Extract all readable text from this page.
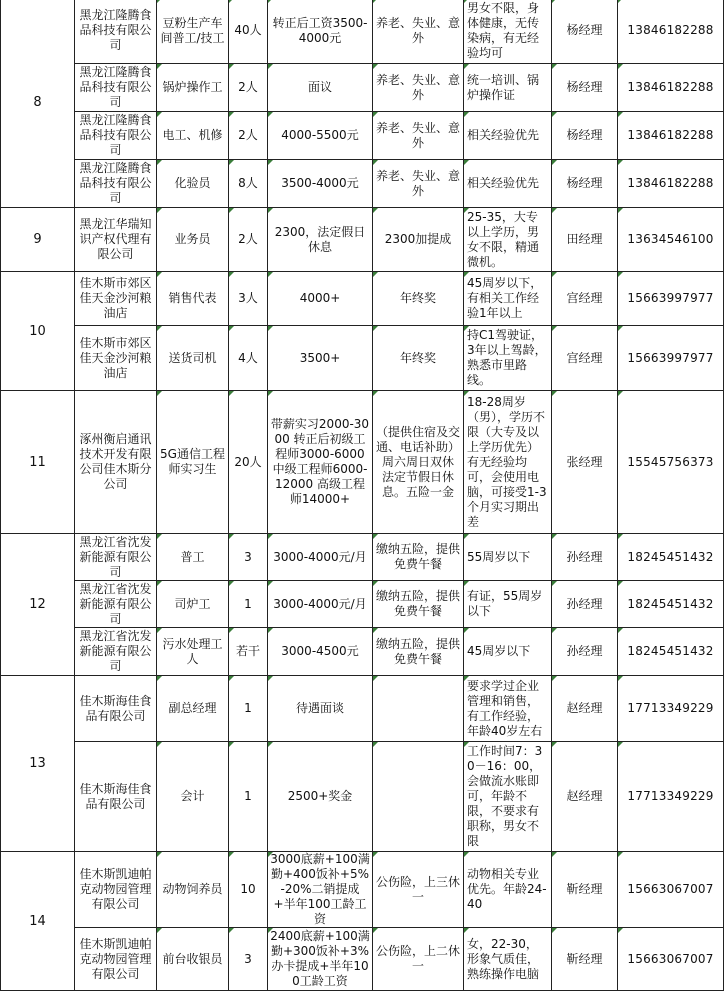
8	黑龙江隆腾食品科技有限公司	豆粉生产车间普工/技工	40人	转正后工资3500-4000元	养老、失业、意外	男女不限，身体健康，无传染病，有无经验均可	杨经理	13846182288
	黑龙江隆腾食品科技有限公司	锅炉操作工	2人	面议	养老、失业、意外	统一培训、锅炉操作证	杨经理	13846182288
	黑龙江隆腾食品科技有限公司	电工、机修	2人	4000-5500元	养老、失业、意外	相关经验优先	杨经理	13846182288
	黑龙江隆腾食品科技有限公司	化验员	8人	3500-4000元	养老、失业、意外	相关经验优先	杨经理	13846182288
9	黑龙江华瑞知识产权代理有限公司	业务员	2人	2300，法定假日休息	2300加提成	25-35，大专以上学历，男女不限，精通微机。	田经理	13634546100
10	佳木斯市郊区佳天金沙河粮油店	销售代表	3人	4000+	年终奖	45周岁以下，有相关工作经验1年以上	宫经理	15663997977
	佳木斯市郊区佳天金沙河粮油店	送货司机	4人	3500+	年终奖	持C1驾驶证，3年以上驾龄，熟悉市里路线。	宫经理	15663997977
11	涿州衡启通讯技术开发有限公司佳木斯分公司	5G通信工程师实习生	20人	带薪实习2000-3000 转正后初级工程师3000-6000 中级工程师6000-12000 高级工程师14000+	（提供住宿及交通、电话补助）周六周日双休 法定节假日休息。五险一金	18-28周岁（男），学历不限（大专及以上学历优先）有无经验均可，会使用电脑，可接受1-3个月实习期出差	张经理	15545756373
12	黑龙江省沈发新能源有限公司	普工	3	3000-4000元/月	缴纳五险，提供免费午餐	55周岁以下	孙经理	18245451432
	黑龙江省沈发新能源有限公司	司炉工	1	3000-4000元/月	缴纳五险，提供免费午餐	有证，55周岁以下	孙经理	18245451432
	黑龙江省沈发新能源有限公司	污水处理工人	若干	3000-4500元	缴纳五险，提供免费午餐	45周岁以下	孙经理	18245451432
13	佳木斯海佳食品有限公司	副总经理	1	待遇面谈		要求学过企业管理和销售，有工作经验，年龄40岁左右	赵经理	17713349229
	佳木斯海佳食品有限公司	会计	1	2500+奖金		工作时间7：30－16：00，会做流水账即可，年龄不限，不要求有职称，男女不限	赵经理	17713349229
14	佳木斯凯迪帕克动物园管理有限公司	动物饲养员	10	3000底薪+100满勤+400饭补+5%-20%二销提成+半年100工龄工资	公伤险，上三休一	动物相关专业优先。年龄24-40	靳经理	15663067007
	佳木斯凯迪帕克动物园管理有限公司	前台收银员	3	2400底薪+100满勤+300饭补+3%办卡提成+半年100工龄工资	公伤险，上二休一	女，22-30，形象气质佳，熟练操作电脑	靳经理	15663067007
